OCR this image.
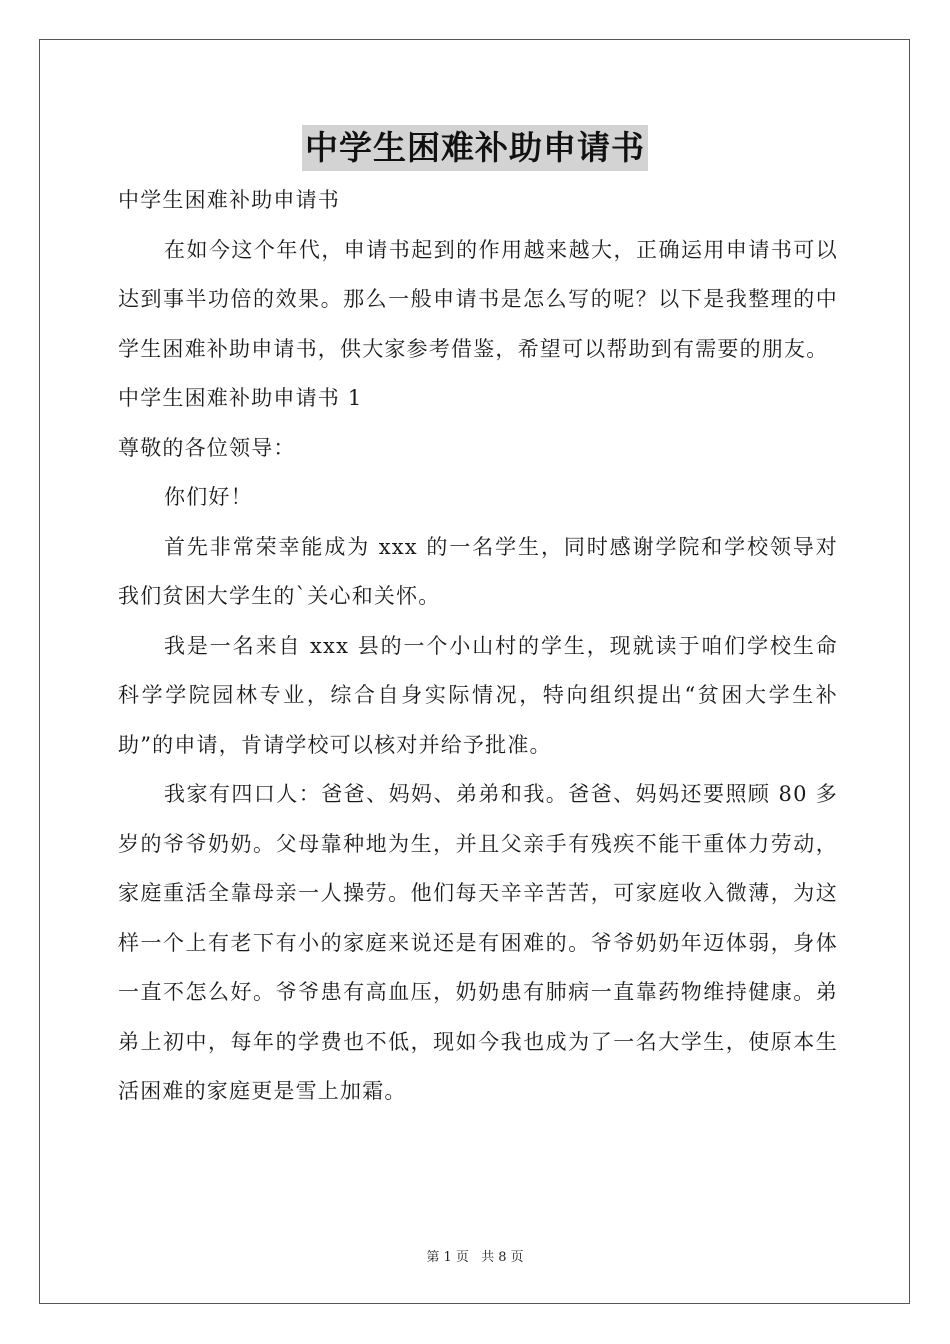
中学生困难补助申请书
中学生困难补助申请书
在如今这个年代，申请书起到的作用越来越大，正确运用申请书可以达到事半功倍的效果。那么一般申请书是怎么写的呢？以下是我整理的中学生困难补助申请书，供大家参考借鉴，希望可以帮助到有需要的朋友。
中学生困难补助申请书 1
尊敬的各位领导：
你们好！
首先非常荣幸能成为 xxx 的一名学生，同时感谢学院和学校领导对我们贫困大学生的`关心和关怀。
我是一名来自 xxx 县的一个小山村的学生，现就读于咱们学校生命科学学院园林专业，综合自身实际情况，特向组织提出“贫困大学生补助”的申请，肯请学校可以核对并给予批准。
我家有四口人：爸爸、妈妈、弟弟和我。爸爸、妈妈还要照顾 80 多岁的爷爷奶奶。父母靠种地为生，并且父亲手有残疾不能干重体力劳动，家庭重活全靠母亲一人操劳。他们每天辛辛苦苦，可家庭收入微薄，为这样一个上有老下有小的家庭来说还是有困难的。爷爷奶奶年迈体弱，身体一直不怎么好。爷爷患有高血压，奶奶患有肺病一直靠药物维持健康。弟弟上初中，每年的学费也不低，现如今我也成为了一名大学生，使原本生活困难的家庭更是雪上加霜。
第 1 页 共 8 页
